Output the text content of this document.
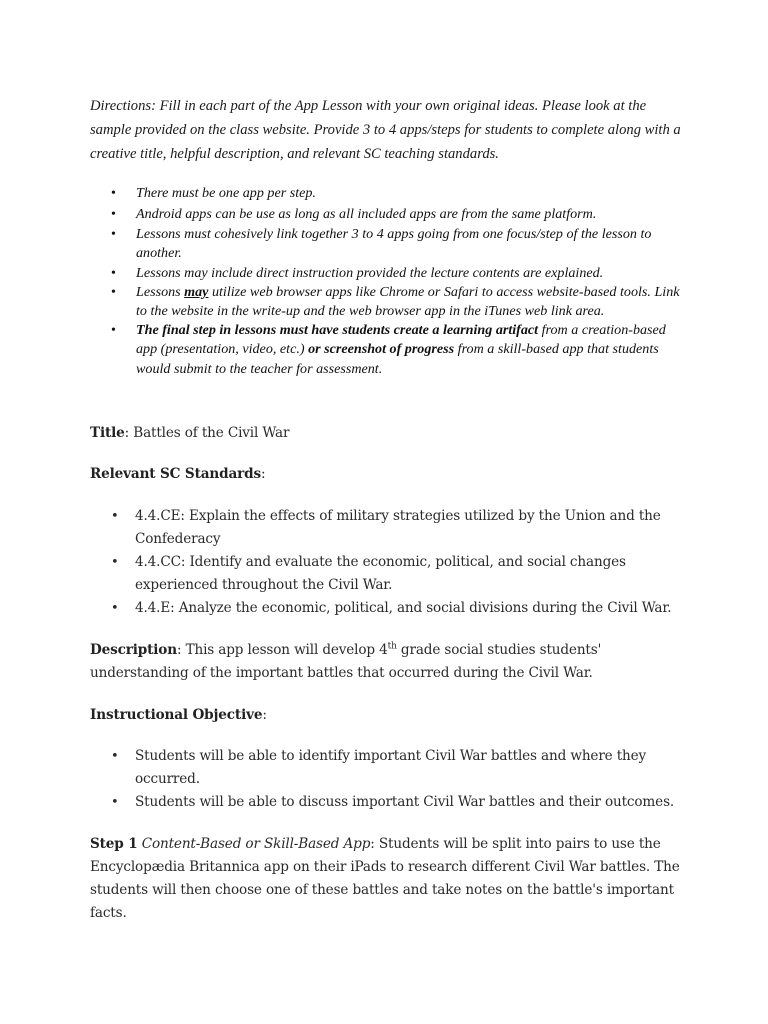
Directions: Fill in each part of the App Lesson with your own original ideas. Please look at the sample provided on the class website. Provide 3 to 4 apps/steps for students to complete along with a creative title, helpful description, and relevant SC teaching standards.

• There must be one app per step.
• Android apps can be use as long as all included apps are from the same platform.
• Lessons must cohesively link together 3 to 4 apps going from one focus/step of the lesson to another.
• Lessons may include direct instruction provided the lecture contents are explained.
• Lessons may utilize web browser apps like Chrome or Safari to access website-based tools. Link to the website in the write-up and the web browser app in the iTunes web link area.
• The final step in lessons must have students create a learning artifact from a creation-based app (presentation, video, etc.) or screenshot of progress from a skill-based app that students would submit to the teacher for assessment.
Title: Battles of the Civil War
Relevant SC Standards:
• 4.4.CE: Explain the effects of military strategies utilized by the Union and the Confederacy
• 4.4.CC: Identify and evaluate the economic, political, and social changes experienced throughout the Civil War.
• 4.4.E: Analyze the economic, political, and social divisions during the Civil War.
Description: This app lesson will develop 4th grade social studies students' understanding of the important battles that occurred during the Civil War.
Instructional Objective:
• Students will be able to identify important Civil War battles and where they occurred.
• Students will be able to discuss important Civil War battles and their outcomes.
Step 1 Content-Based or Skill-Based App: Students will be split into pairs to use the Encyclopædia Britannica app on their iPads to research different Civil War battles. The students will then choose one of these battles and take notes on the battle's important facts.
